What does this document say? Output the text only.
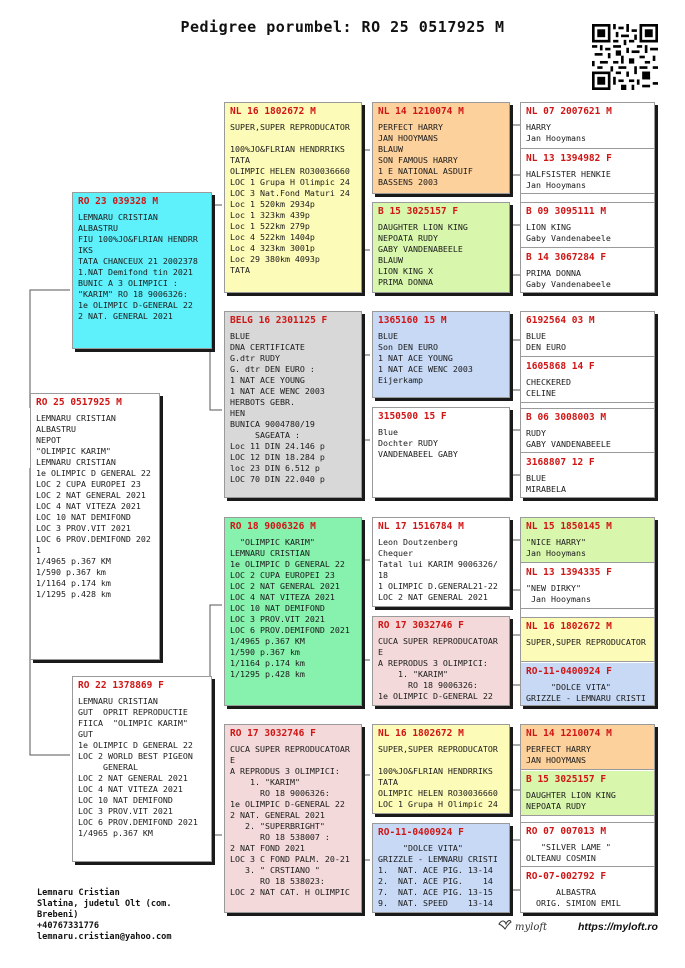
Pedigree porumbel: RO 25 0517925 M
RO 25 0517925 M
LEMNARU CRISTIAN
ALBASTRU
NEPOT
"OLIMPIC KARIM"
LEMNARU CRISTIAN
1e OLIMPIC D GENERAL 22
LOC 2 CUPA EUROPEI 23
LOC 2 NAT GENERAL 2021
LOC 4 NAT VITEZA 2021
LOC 10 NAT DEMIFOND
LOC 3 PROV.VIT 2021
LOC 6 PROV.DEMIFOND 2021
1/4965 p.367 KM
1/590 p.367 km
1/1164 p.174 km
1/1295 p.428 km
RO 23 039328 M
LEMNARU CRISTIAN
ALBASTRU
FIU 100%JO&FLRIAN HENDRR
IKS
TATA CHANCEUX 21 2002378
1.NAT Demifond tin 2021
BUNIC A 3 OLIMPICI :
"KARIM" RO 18 9006326:
1e OLIMPIC D-GENERAL 22
2 NAT. GENERAL 2021
RO 22 1378869 F
LEMNARU CRISTIAN
GUT  OPRIT REPRODUCTIE
FIICA  "OLIMPIC KARIM"
GUT
1e OLIMPIC D GENERAL 22
LOC 2 WORLD BEST PIGEON
GENERAL
LOC 2 NAT GENERAL 2021
LOC 4 NAT VITEZA 2021
LOC 10 NAT DEMIFOND
LOC 3 PROV.VIT 2021
LOC 6 PROV.DEMIFOND 2021
1/4965 p.367 KM
NL 16 1802672 M
SUPER,SUPER REPRODUCATOR

100%JO&FLRIAN HENDRRIKS
TATA
OLIMPIC HELEN RO30036660
LOC 1 Grupa H Olimpic 24
LOC 3 Nat.Fond Maturi 24
Loc 1 520km 2934p
Loc 1 323km 439p
Loc 1 522km 279p
Loc 4 522km 1404p
Loc 4 323km 3001p
Loc 29 380km 4093p
TATA
BELG 16 2301125 F
BLUE
DNA CERTIFICATE
G.dtr RUDY
G. dtr DEN EURO :
1 NAT ACE YOUNG
1 NAT ACE WENC 2003
HERBOTS GEBR.
HEN
BUNICA 9004780/19
SAGEATA :
Loc 11 DIN 24.146 p
LOC 12 DIN 18.284 p
loc 23 DIN 6.512 p
LOC 70 DIN 22.040 p
RO 18 9006326 M
"OLIMPIC KARIM"
LEMNARU CRISTIAN
1e OLIMPIC D GENERAL 22
LOC 2 CUPA EUROPEI 23
LOC 2 NAT GENERAL 2021
LOC 4 NAT VITEZA 2021
LOC 10 NAT DEMIFOND
LOC 3 PROV.VIT 2021
LOC 6 PROV.DEMIFOND 2021
1/4965 p.367 KM
1/590 p.367 km
1/1164 p.174 km
1/1295 p.428 km
RO 17 3032746 F
CUCA SUPER REPRODUCATOAR
E
A REPRODUS 3 OLIMPICI:
1. "KARIM"
RO 18 9006326:
1e OLIMPIC D-GENERAL 22
2 NAT. GENERAL 2021
2. "SUPERBRIGHT"
RO 18 538007 :
2 NAT FOND 2021
LOC 3 C FOND PALM. 20-21
3. " CRSTIANO "
RO 18 538023:
LOC 2 NAT CAT. H OLIMPIC
NL 14 1210074 M
PERFECT HARRY
JAN HOOYMANS
BLAUW
SON FAMOUS HARRY
1 E NATIONAL ASDUIF
BASSENS 2003
B 15 3025157 F
DAUGHTER LION KING
NEPOATA RUDY
GABY VANDENABEELE
BLAUW
LION KING X
PRIMA DONNA
1365160 15 M
BLUE
Son DEN EURO
1 NAT ACE YOUNG
1 NAT ACE WENC 2003
Eijerkamp
3150500 15 F
Blue
Dochter RUDY
VANDENABEEL GABY
NL 17 1516784 M
Leon Doutzenberg
Chequer
Tatal lui KARIM 9006326/
18
1 OLIMPIC D.GENERAL21-22
LOC 2 NAT GENERAL 2021
RO 17 3032746 F
CUCA SUPER REPRODUCATOAR
E
A REPRODUS 3 OLIMPICI:
1. "KARIM"
RO 18 9006326:
1e OLIMPIC D-GENERAL 22
NL 16 1802672 M
SUPER,SUPER REPRODUCATOR

100%JO&FLRIAN HENDRRIKS
TATA
OLIMPIC HELEN RO30036660
LOC 1 Grupa H Olimpic 24
RO-11-0400924 F
"DOLCE VITA"
GRIZZLE - LEMNARU CRISTI
1.  NAT. ACE PIG. 13-14
2.  NAT. ACE PIG.    14
7.  NAT. ACE PIG. 13-15
9.  NAT. SPEED    13-14
NL 07 2007621 M
HARRY
Jan Hooymans
NL 13 1394982 F
HALFSISTER HENKIE
Jan Hooymans
B 09 3095111 M
LION KING
Gaby Vandenabeele
B 14 3067284 F
PRIMA DONNA
Gaby Vandenabeele
6192564 03 M
BLUE
DEN EURO
1605868 14 F
CHECKERED
CELINE
B 06 3008003 M
RUDY
GABY VANDENABEELE
3168807 12 F
BLUE
MIRABELA
NL 15 1850145 M
"NICE HARRY"
Jan Hooymans
NL 13 1394335 F
"NEW DIRKY"
Jan Hooymans
NL 16 1802672 M
SUPER,SUPER REPRODUCATOR
RO-11-0400924 F
"DOLCE VITA"
GRIZZLE - LEMNARU CRISTI
NL 14 1210074 M
PERFECT HARRY
JAN HOOYMANS
B 15 3025157 F
DAUGHTER LION KING
NEPOATA RUDY
RO 07 007013 M
"SILVER LAME "
OLTEANU COSMIN
RO-07-002792 F
ALBASTRA
ORIG. SIMION EMIL
Lemnaru Cristian
Slatina, judetul Olt (com.
Brebeni)
+40767331776
lemnaru.cristian@yahoo.com
myloft	https://myloft.ro
